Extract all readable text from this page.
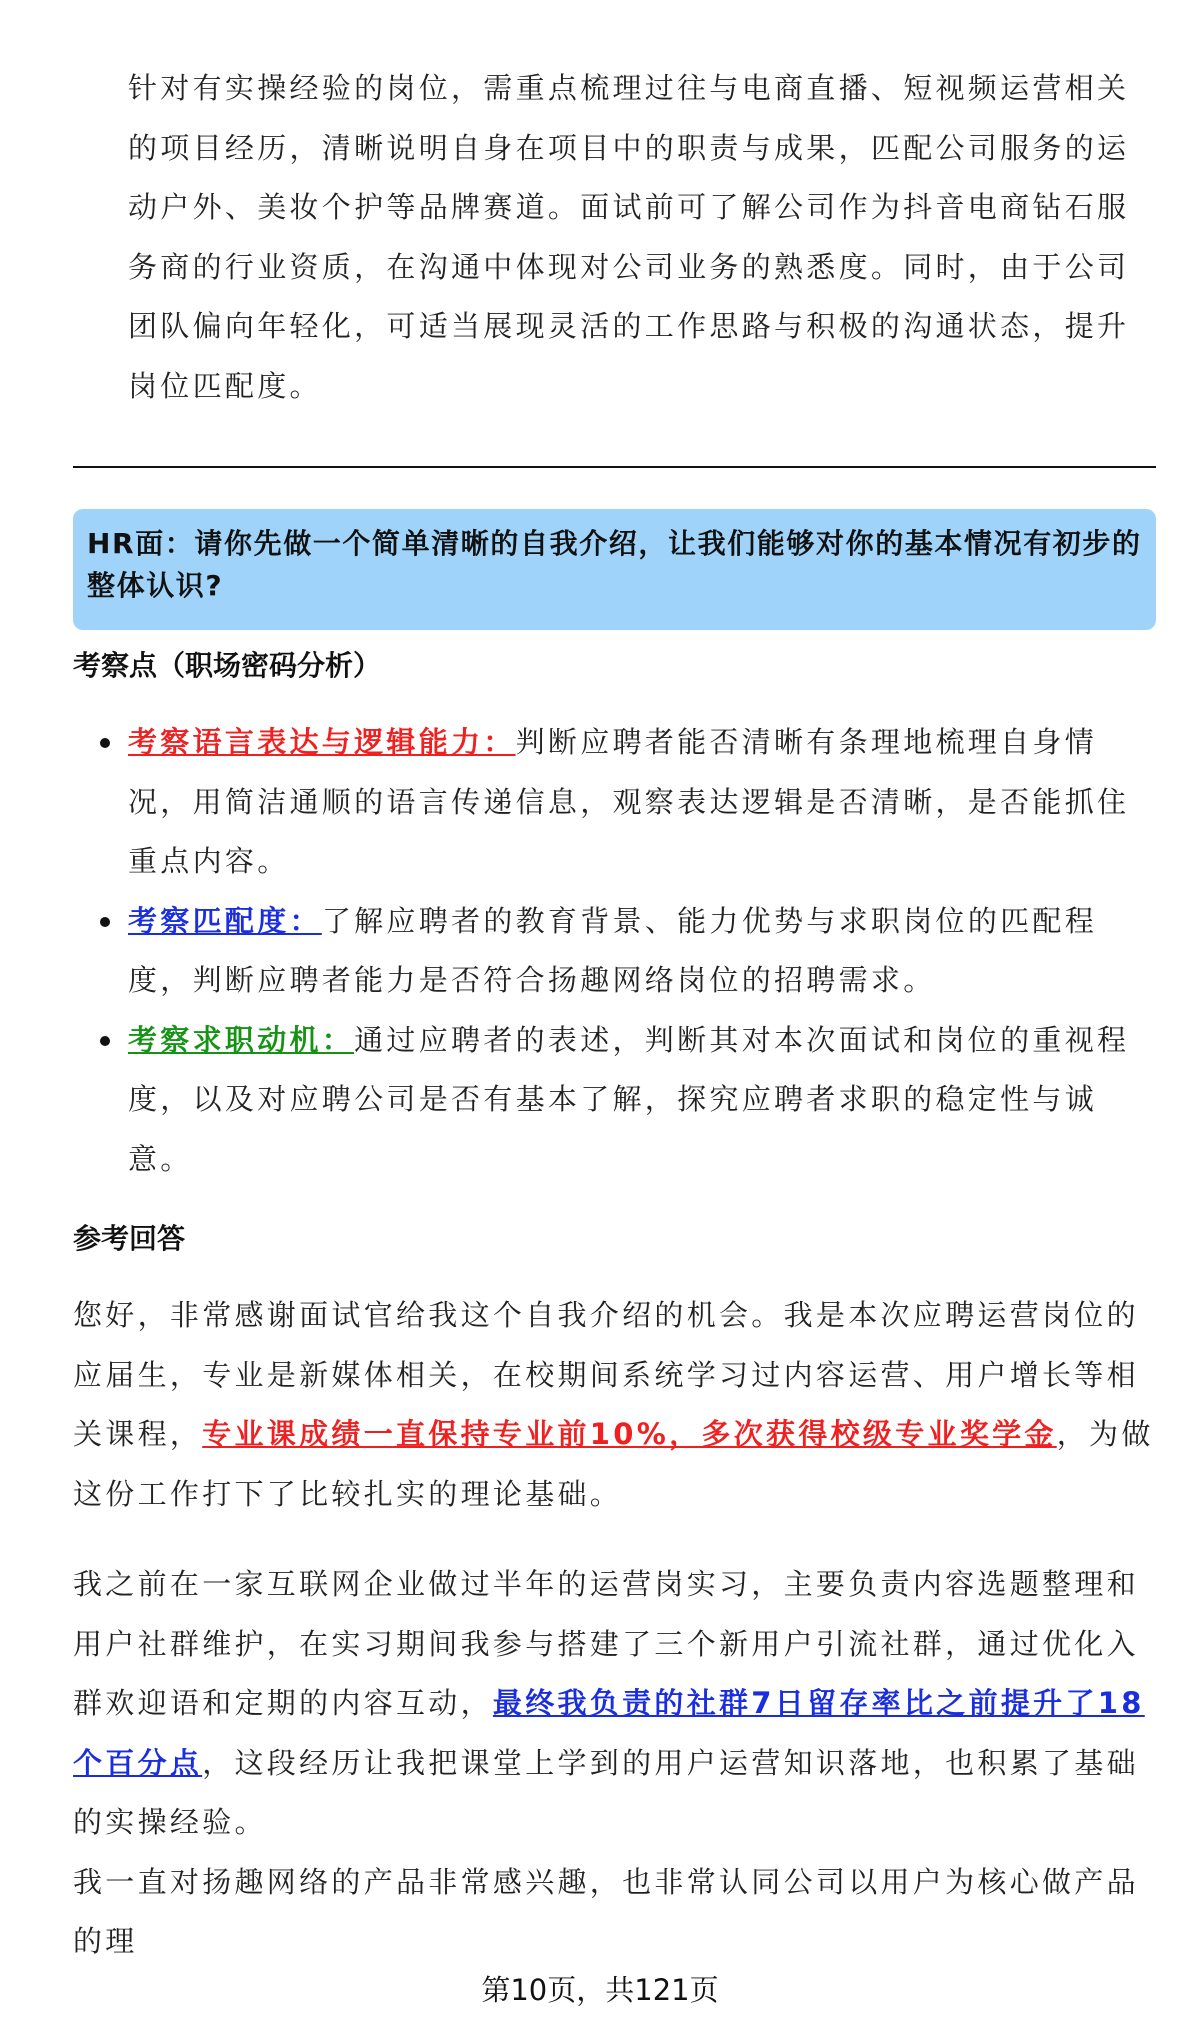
针对有实操经验的岗位，需重点梳理过往与电商直播、短视频运营相关的项目经历，清晰说明自身在项目中的职责与成果，匹配公司服务的运动户外、美妆个护等品牌赛道。面试前可了解公司作为抖音电商钻石服务商的行业资质，在沟通中体现对公司业务的熟悉度。同时，由于公司团队偏向年轻化，可适当展现灵活的工作思路与积极的沟通状态，提升岗位匹配度。
HR面：请你先做一个简单清晰的自我介绍，让我们能够对你的基本情况有初步的整体认识?
考察点（职场密码分析）
考察语言表达与逻辑能力：判断应聘者能否清晰有条理地梳理自身情况，用简洁通顺的语言传递信息，观察表达逻辑是否清晰，是否能抓住重点内容。
考察匹配度：了解应聘者的教育背景、能力优势与求职岗位的匹配程度，判断应聘者能力是否符合扬趣网络岗位的招聘需求。
考察求职动机：通过应聘者的表述，判断其对本次面试和岗位的重视程度，以及对应聘公司是否有基本了解，探究应聘者求职的稳定性与诚意。
参考回答
您好，非常感谢面试官给我这个自我介绍的机会。我是本次应聘运营岗位的应届生，专业是新媒体相关，在校期间系统学习过内容运营、用户增长等相关课程，专业课成绩一直保持专业前10%，多次获得校级专业奖学金，为做这份工作打下了比较扎实的理论基础。
我之前在一家互联网企业做过半年的运营岗实习，主要负责内容选题整理和用户社群维护，在实习期间我参与搭建了三个新用户引流社群，通过优化入群欢迎语和定期的内容互动，最终我负责的社群7日留存率比之前提升了18个百分点，这段经历让我把课堂上学到的用户运营知识落地，也积累了基础的实操经验。
我一直对扬趣网络的产品非常感兴趣，也非常认同公司以用户为核心做产品的理
第10页，共121页
